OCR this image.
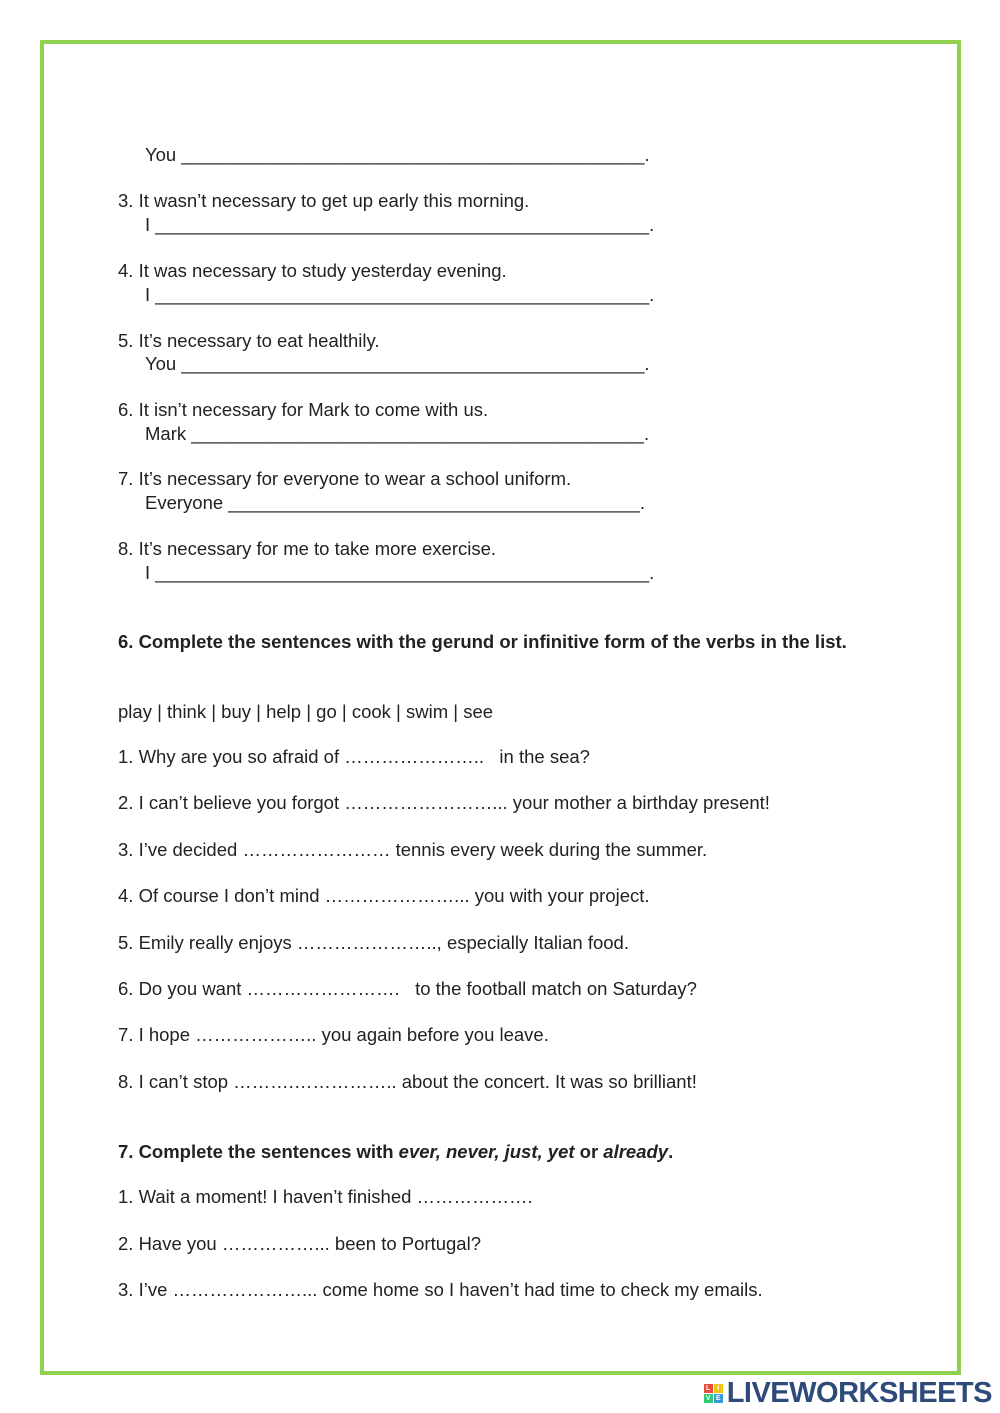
You _____________________________________________.

3. It wasn’t necessary to get up early this morning.

I ________________________________________________.

4. It was necessary to study yesterday evening.

I ________________________________________________.

5. It’s necessary to eat healthily.

You _____________________________________________.

6. It isn’t necessary for Mark to come with us.

Mark ____________________________________________.

7. It’s necessary for everyone to wear a school uniform.

Everyone ________________________________________.

8. It’s necessary for me to take more exercise.

I ________________________________________________.

6. Complete the sentences with the gerund or infinitive form of the verbs in the list.

play | think | buy | help | go | cook | swim | see

1. Why are you so afraid of …………………..   in the sea?

2. I can’t believe you forgot ……………………... your mother a birthday present!

3. I’ve decided …………………… tennis every week during the summer.

4. Of course I don’t mind …………………... you with your project.

5. Emily really enjoys ………………….., especially Italian food.

6. Do you want …………………….   to the football match on Saturday?

7. I hope ……………….. you again before you leave.

8. I can’t stop ……….…………….. about the concert. It was so brilliant!

7. Complete the sentences with ever, never, just, yet or already.

1. Wait a moment! I haven’t finished ……………….

2. Have you ……………... been to Portugal?

3. I’ve …………………... come home so I haven’t had time to check my emails.

L I
V E LIVEWORKSHEETS
